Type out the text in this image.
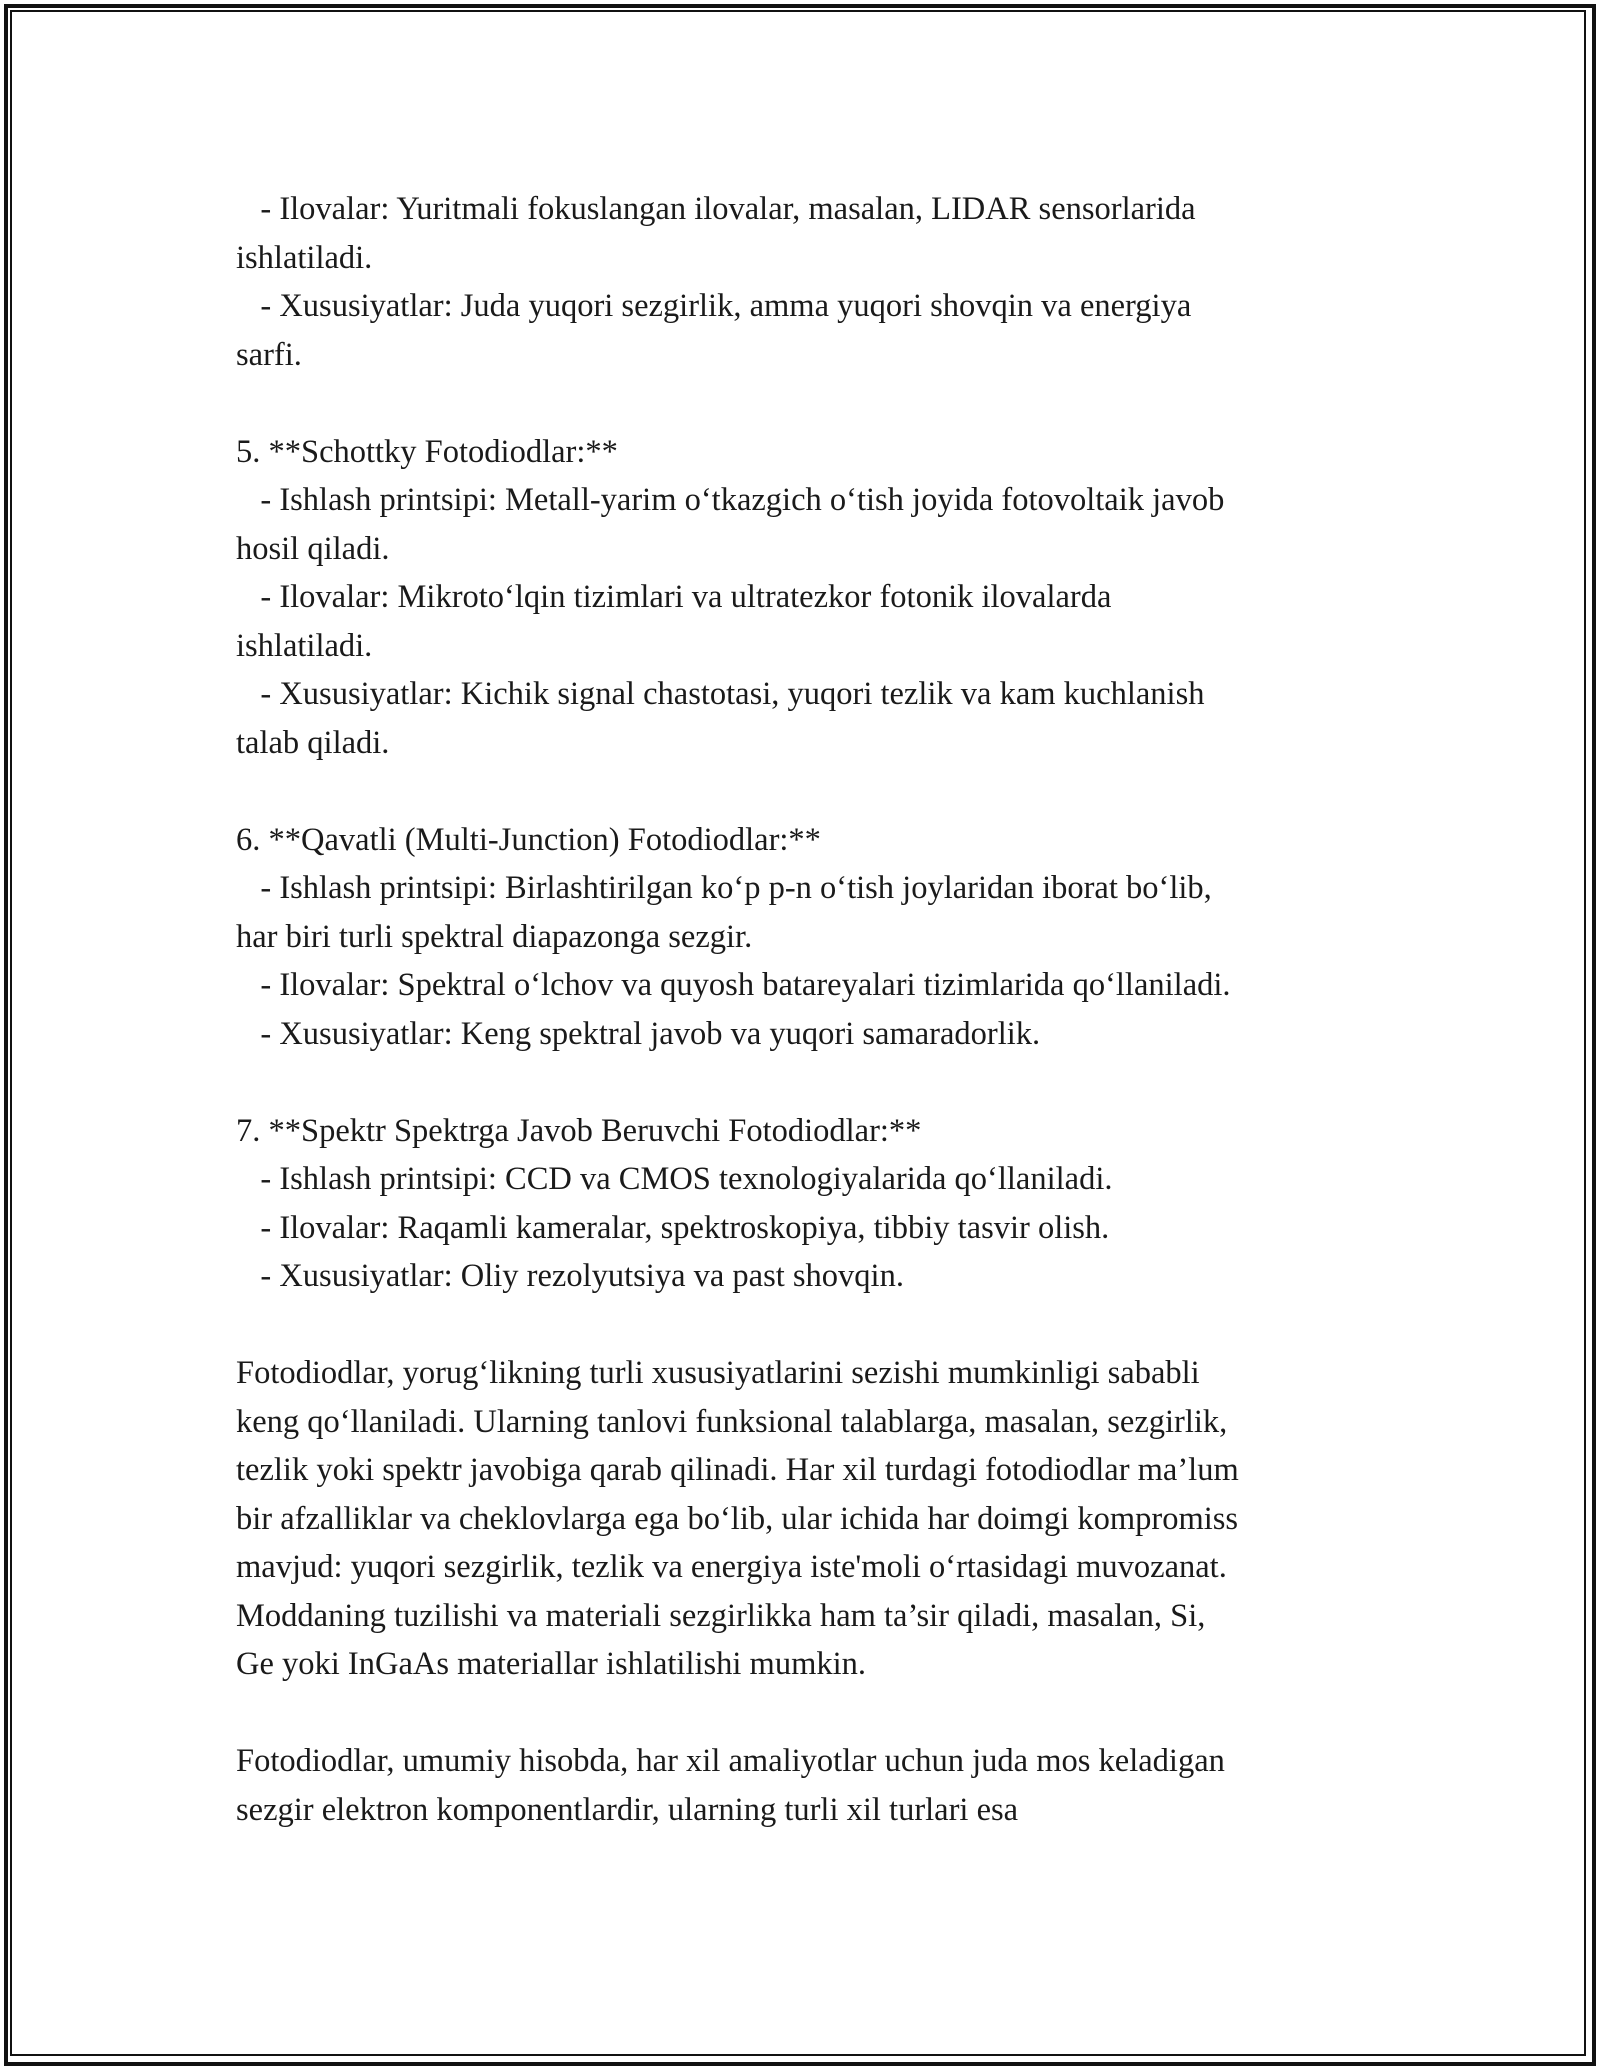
- Ilovalar: Yuritmali fokuslangan ilovalar, masalan, LIDAR sensorlarida
ishlatiladi.
- Xususiyatlar: Juda yuqori sezgirlik, amma yuqori shovqin va energiya
sarfi.
5. **Schottky Fotodiodlar:**
- Ishlash printsipi: Metall-yarim o‘tkazgich o‘tish joyida fotovoltaik javob
hosil qiladi.
- Ilovalar: Mikroto‘lqin tizimlari va ultratezkor fotonik ilovalarda
ishlatiladi.
- Xususiyatlar: Kichik signal chastotasi, yuqori tezlik va kam kuchlanish
talab qiladi.
6. **Qavatli (Multi-Junction) Fotodiodlar:**
- Ishlash printsipi: Birlashtirilgan ko‘p p-n o‘tish joylaridan iborat bo‘lib,
har biri turli spektral diapazonga sezgir.
- Ilovalar: Spektral o‘lchov va quyosh batareyalari tizimlarida qo‘llaniladi.
- Xususiyatlar: Keng spektral javob va yuqori samaradorlik.
7. **Spektr Spektrga Javob Beruvchi Fotodiodlar:**
- Ishlash printsipi: CCD va CMOS texnologiyalarida qo‘llaniladi.
- Ilovalar: Raqamli kameralar, spektroskopiya, tibbiy tasvir olish.
- Xususiyatlar: Oliy rezolyutsiya va past shovqin.
Fotodiodlar, yorug‘likning turli xususiyatlarini sezishi mumkinligi sababli
keng qo‘llaniladi. Ularning tanlovi funksional talablarga, masalan, sezgirlik,
tezlik yoki spektr javobiga qarab qilinadi. Har xil turdagi fotodiodlar ma’lum
bir afzalliklar va cheklovlarga ega bo‘lib, ular ichida har doimgi kompromiss
mavjud: yuqori sezgirlik, tezlik va energiya iste'moli o‘rtasidagi muvozanat.
Moddaning tuzilishi va materiali sezgirlikka ham ta’sir qiladi, masalan, Si,
Ge yoki InGaAs materiallar ishlatilishi mumkin.
Fotodiodlar, umumiy hisobda, har xil amaliyotlar uchun juda mos keladigan
sezgir elektron komponentlardir, ularning turli xil turlari esa
